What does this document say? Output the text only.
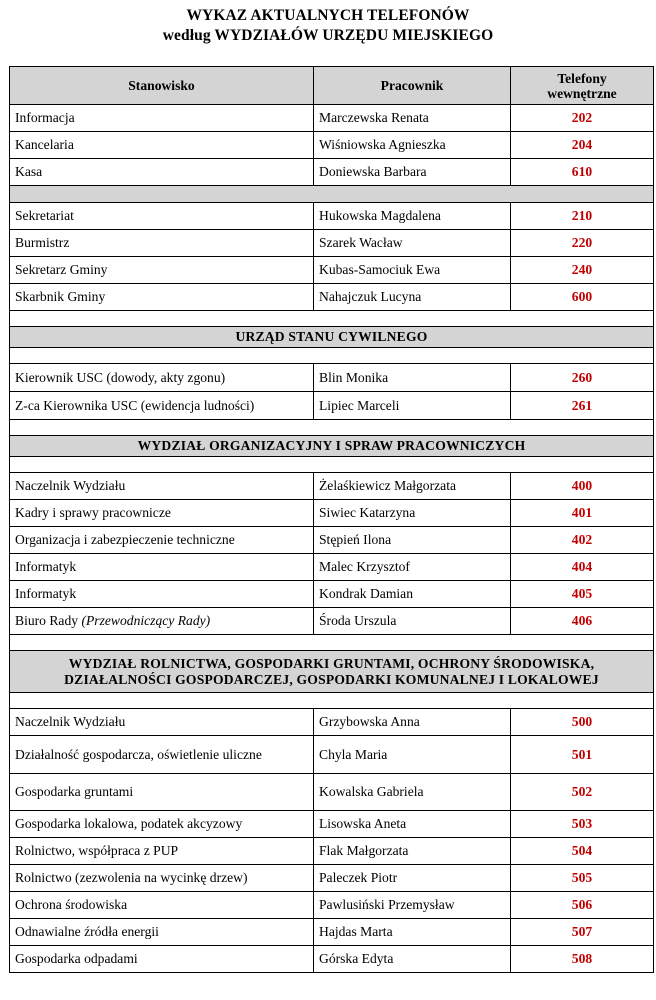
WYKAZ AKTUALNYCH TELEFONÓW
według WYDZIAŁÓW URZĘDU MIEJSKIEGO
Stanowisko	Pracownik	Telefony
wewnętrzne

Informacja	Marczewska Renata	202
Kancelaria	Wiśniowska Agnieszka	204
Kasa	Doniewska Barbara	610

Sekretariat	Hukowska Magdalena	210
Burmistrz	Szarek Wacław	220
Sekretarz Gminy	Kubas-Samociuk Ewa	240
Skarbnik Gminy	Nahajczuk Lucyna	600

URZĄD STANU CYWILNEGO		

Kierownik USC (dowody, akty zgonu)	Blin Monika	260
Z-ca Kierownika USC (ewidencja ludności)	Lipiec Marceli	261

WYDZIAŁ ORGANIZACYJNY I SPRAW PRACOWNICZYCH		

Naczelnik Wydziału	Żelaśkiewicz Małgorzata	400
Kadry i sprawy pracownicze	Siwiec Katarzyna	401
Organizacja i zabezpieczenie techniczne	Stępień Ilona	402
Informatyk	Malec Krzysztof	404
Informatyk	Kondrak Damian	405
Biuro Rady (Przewodniczący Rady)	Środa Urszula	406

WYDZIAŁ ROLNICTWA, GOSPODARKI GRUNTAMI, OCHRONY ŚRODOWISKA,
DZIAŁALNOŚCI GOSPODARCZEJ, GOSPODARKI KOMUNALNEJ I LOKALOWEJ		

Naczelnik Wydziału	Grzybowska Anna	500
Działalność gospodarcza, oświetlenie uliczne	Chyla Maria	501
Gospodarka gruntami	Kowalska Gabriela	502
Gospodarka lokalowa, podatek akcyzowy	Lisowska Aneta	503
Rolnictwo, współpraca z PUP	Flak Małgorzata	504
Rolnictwo (zezwolenia na wycinkę drzew)	Paleczek Piotr	505
Ochrona środowiska	Pawlusiński Przemysław	506
Odnawialne źródła energii	Hajdas Marta	507
Gospodarka odpadami	Górska Edyta	508
